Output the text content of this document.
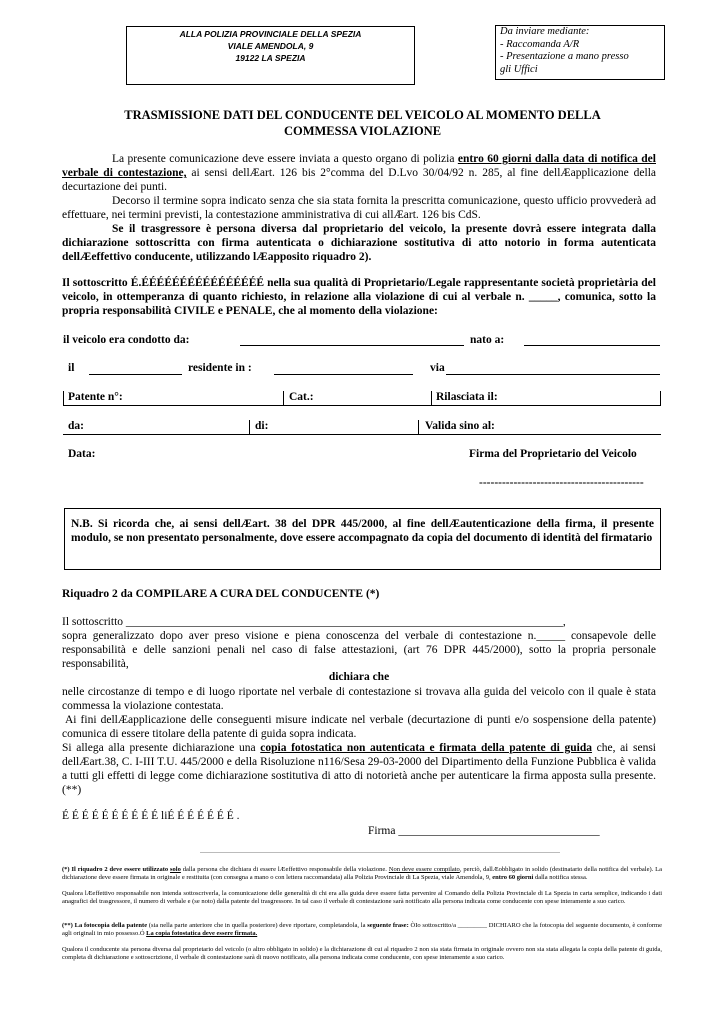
ALLA POLIZIA PROVINCIALE DELLA SPEZIA
VIALE AMENDOLA, 9
19122 LA SPEZIA
Da inviare mediante:
- Raccomanda A/R
- Presentazione a mano presso
gli Uffici
TRASMISSIONE DATI DEL CONDUCENTE DEL VEICOLO AL MOMENTO DELLA
COMMESSA VIOLAZIONE
La presente comunicazione deve essere inviata a questo organo di polizia entro 60 giorni dalla data di notifica del verbale di contestazione, ai sensi dellÆart. 126 bis 2°comma del D.Lvo 30/04/92 n. 285, al fine dellÆapplicazione della decurtazione dei punti.
Decorso il termine sopra indicato senza che sia stata fornita la prescritta comunicazione, questo ufficio provvederà ad effettuare, nei termini previsti, la contestazione amministrativa di cui allÆart. 126 bis CdS.
Se il trasgressore è persona diversa dal proprietario del veicolo, la presente dovrà essere integrata dalla dichiarazione sottoscritta con firma autenticata o dichiarazione sostitutiva di atto notorio in forma autenticata dellÆeffettivo conducente, utilizzando lÆapposito riquadro 2).
Il sottoscritto É.ÉÉÉÉÉÉÉÉÉÉÉÉÉÉÉÉ nella sua qualità di Proprietario/Legale rappresentante società proprietària del veicolo, in ottemperanza di quanto richiesto, in relazione alla violazione di cui al verbale n. _____, comunica, sotto la propria responsabilità CIVILE e PENALE, che al momento della violazione:
il veicolo era condotto da:	nato a:
il	residente in :	via
Patente n°:	Cat.:	Rilasciata il:
da:	di:	Valida sino al:
Data:	Firma del Proprietario del Veicolo
-------------------------------------------
N.B. Si ricorda che, ai sensi dellÆart. 38 del DPR 445/2000, al fine dellÆautenticazione della firma, il presente modulo, se non presentato personalmente, dove essere accompagnato da copia del documento di identità del firmatario
Riquadro 2 da COMPILARE A CURA DEL CONDUCENTE (*)
Il sottoscritto ____________________________________________________________________________,
sopra generalizzato dopo aver preso visione e piena conoscenza del verbale di contestazione n._____ consapevole delle responsabilità e delle sanzioni penali nel caso di false attestazioni, (art 76 DPR 445/2000), sotto la propria personale responsabilità,
dichiara che
nelle circostanze di tempo e di luogo riportate nel verbale di contestazione si trovava alla guida del veicolo con il quale è stata commessa la violazione contestata.
Ai fini dellÆapplicazione delle conseguenti misure indicate nel verbale (decurtazione di punti e/o sospensione della patente) comunica di essere titolare della patente di guida sopra indicata.
Si allega alla presente dichiarazione una copia fotostatica non autenticata e firmata della patente di guida che, ai sensi dellÆart.38, C. I-III T.U. 445/2000 e della Risoluzione n116/Sesa 29-03-2000 del Dipartimento della Funzione Pubblica è valida a tutti gli effetti di legge come dichiarazione sostitutiva di atto di notorietà anche per autenticare la firma apposta sulla presente.(**)
É É É É É É É É É É liÉ É É É É É É .
Firma ___________________________________
(*) Il riquadro 2 deve essere utilizzato solo dalla persona che dichiara di essere lÆeffettivo responsabile della violazione. Non deve essere compilato, perciò, dallÆobbligato in solido (destinatario della notifica del verbale). La dichiarazione deve essere firmata in originale e restituita (con consegna a mano o con lettera raccomandata) alla Polizia Provinciale di La Spezia, viale Amendola, 9, entro 60 giorni dalla notifica stessa.
Qualora lÆeffettivo responsabile non intenda sottoscriverla, la comunicazione delle generalità di chi era alla guida deve essere fatta pervenire al Comando della Polizia Provinciale di La Spezia in carta semplice, indicando i dati anagrafici del trasgressore, il numero di verbale e (se noto) dalla patente del trasgressore. In tal caso il verbale di contestazione sarà notificato alla persona indicata come conducente con spese interamente a suo carico.
(**) La fotocopia della patente (sia nella parte anteriore che in quella posteriore) deve riportare, completandola, la seguente frase: ÒIo sottoscritto/a _________ DICHIARO che la fotocopia del seguente documento, è conforme agli originali in mio possesso.Ó La copia fotostatica deve essere firmata.
Qualora il conducente sia persona diversa dal proprietario del veicolo (o altro obbligato in solido) e la dichiarazione di cui al riquadro 2 non sia stata firmata in originale ovvero non sia stata allegata la copia della patente di guida, completa di dichiarazione e sottoscrizione, il verbale di contestazione sarà di nuovo notificato, alla persona indicata come conducente, con spese interamente a suo carico.
